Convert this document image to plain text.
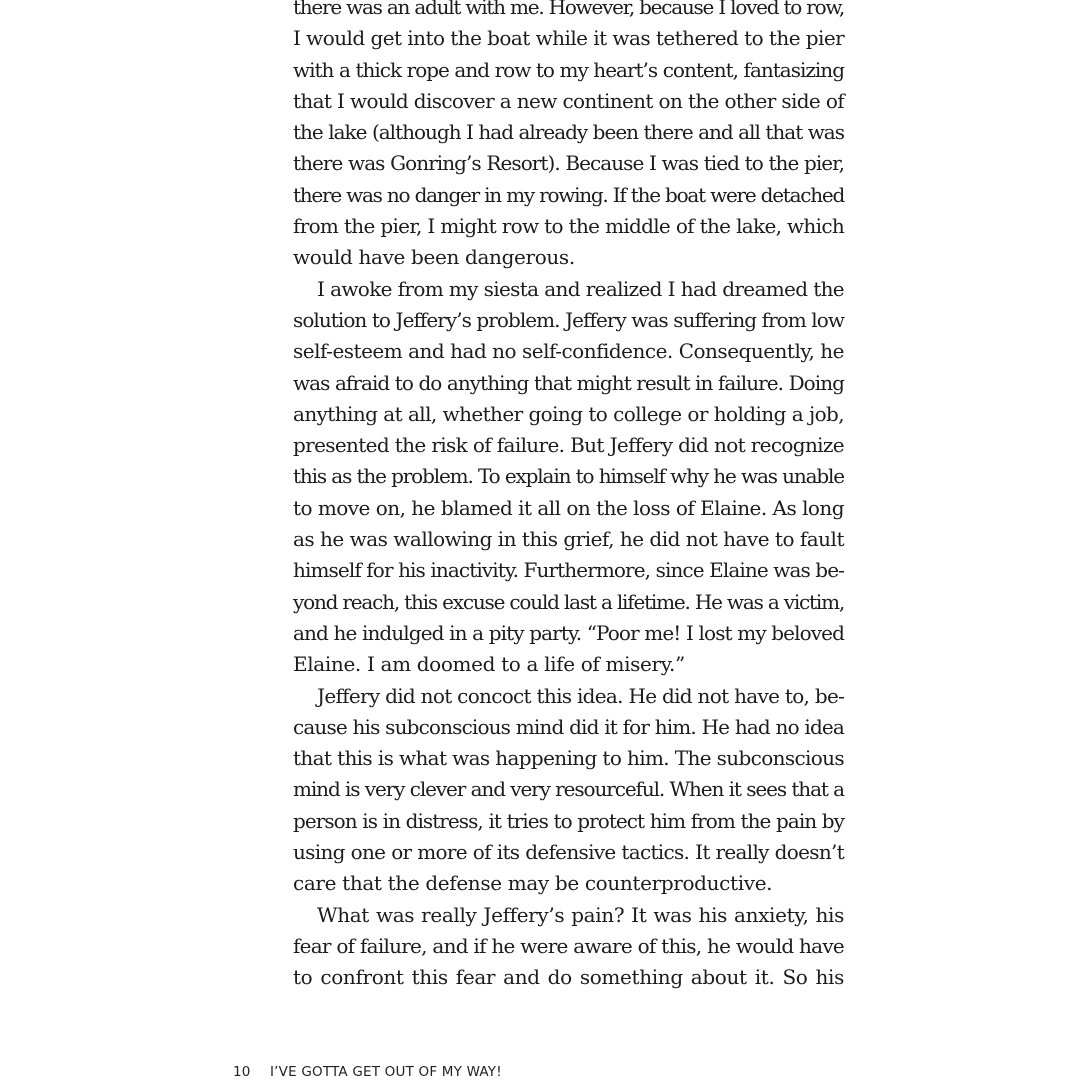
there was an adult with me. However, because I loved to row,
I would get into the boat while it was tethered to the pier
with a thick rope and row to my heart’s content, fantasizing
that I would discover a new continent on the other side of
the lake (although I had already been there and all that was
there was Gonring’s Resort). Because I was tied to the pier,
there was no danger in my rowing. If the boat were detached
from the pier, I might row to the middle of the lake, which
would have been dangerous.
I awoke from my siesta and realized I had dreamed the
solution to Jeffery’s problem. Jeffery was suffering from low
self-esteem and had no self-confidence. Consequently, he
was afraid to do anything that might result in failure. Doing
anything at all, whether going to college or holding a job,
presented the risk of failure. But Jeffery did not recognize
this as the problem. To explain to himself why he was unable
to move on, he blamed it all on the loss of Elaine. As long
as he was wallowing in this grief, he did not have to fault
himself for his inactivity. Furthermore, since Elaine was be-
yond reach, this excuse could last a lifetime. He was a victim,
and he indulged in a pity party. “Poor me! I lost my beloved
Elaine. I am doomed to a life of misery.”
Jeffery did not concoct this idea. He did not have to, be-
cause his subconscious mind did it for him. He had no idea
that this is what was happening to him. The subconscious
mind is very clever and very resourceful. When it sees that a
person is in distress, it tries to protect him from the pain by
using one or more of its defensive tactics. It really doesn’t
care that the defense may be counterproductive.
What was really Jeffery’s pain? It was his anxiety, his
fear of failure, and if he were aware of this, he would have
to confront this fear and do something about it. So his
10 I’VE GOTTA GET OUT OF MY WAY!
